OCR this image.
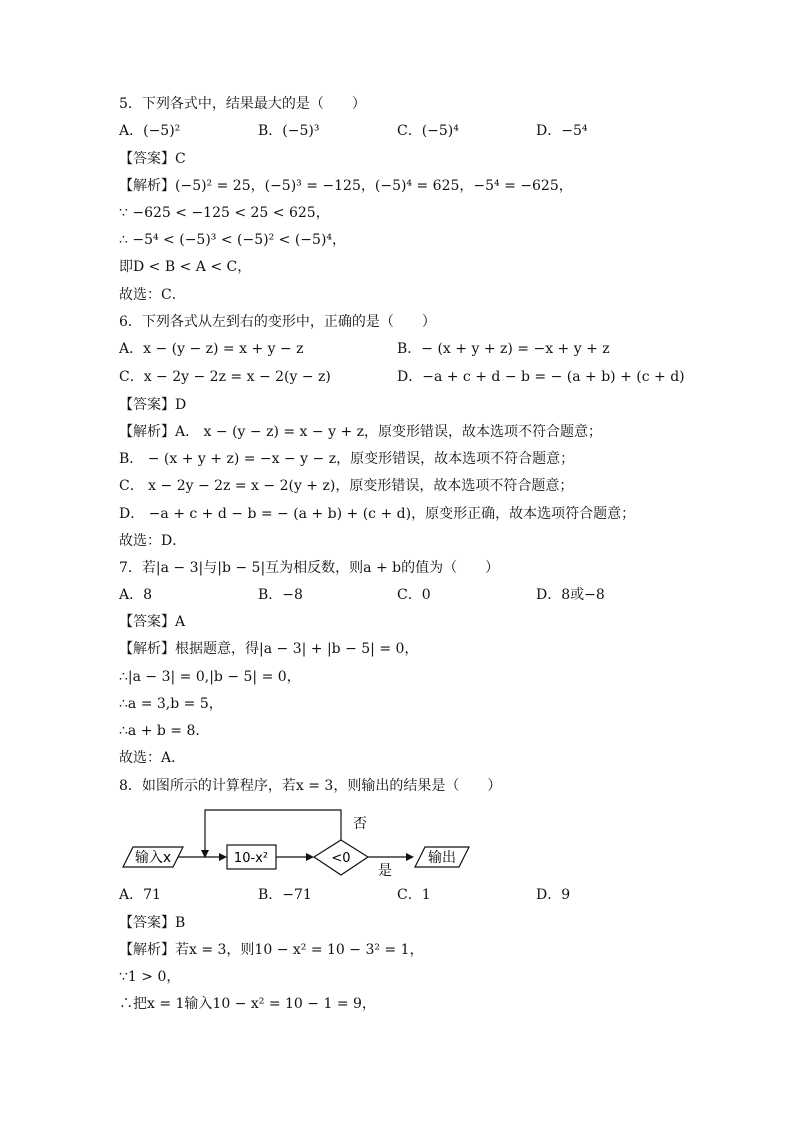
5．下列各式中，结果最大的是（　　）
A．(−5)²	B．(−5)³	C．(−5)⁴	D．−5⁴
【答案】C
【解析】(−5)² = 25，(−5)³ = −125，(−5)⁴ = 625，−5⁴ = −625，
∵ −625 < −125 < 25 < 625，
∴ −5⁴ < (−5)³ < (−5)² < (−5)⁴，
即D < B < A < C，
故选：C．
6．下列各式从左到右的变形中，正确的是（　　）
A．x − (y − z) = x + y − z	B．− (x + y + z) = −x + y + z
C．x − 2y − 2z = x − 2(y − z)	D．−a + c + d − b = − (a + b) + (c + d)
【答案】D
【解析】A． x − (y − z) = x − y + z，原变形错误，故本选项不符合题意；
B． − (x + y + z) = −x − y − z，原变形错误，故本选项不符合题意；
C． x − 2y − 2z = x − 2(y + z)，原变形错误，故本选项不符合题意；
D． −a + c + d − b = − (a + b) + (c + d)，原变形正确，故本选项符合题意；
故选：D．
7．若|a − 3|与|b − 5|互为相反数，则a + b的值为（　　）
A．8	B．−8	C．0	D．8或−8
【答案】A
【解析】根据题意，得|a − 3| + |b − 5| = 0，
∴|a − 3| = 0,|b − 5| = 0，
∴a = 3,b = 5，
∴a + b = 8.
故选：A．
8．如图所示的计算程序，若x = 3，则输出的结果是（　　）
输入x	10-x²	<0
否
是
输出
A．71	B．−71	C．1	D．9
【答案】B
【解析】若x = 3，则10 − x² = 10 − 3² = 1，
∵1 > 0，
∴把x = 1输入10 − x² = 10 − 1 = 9，
